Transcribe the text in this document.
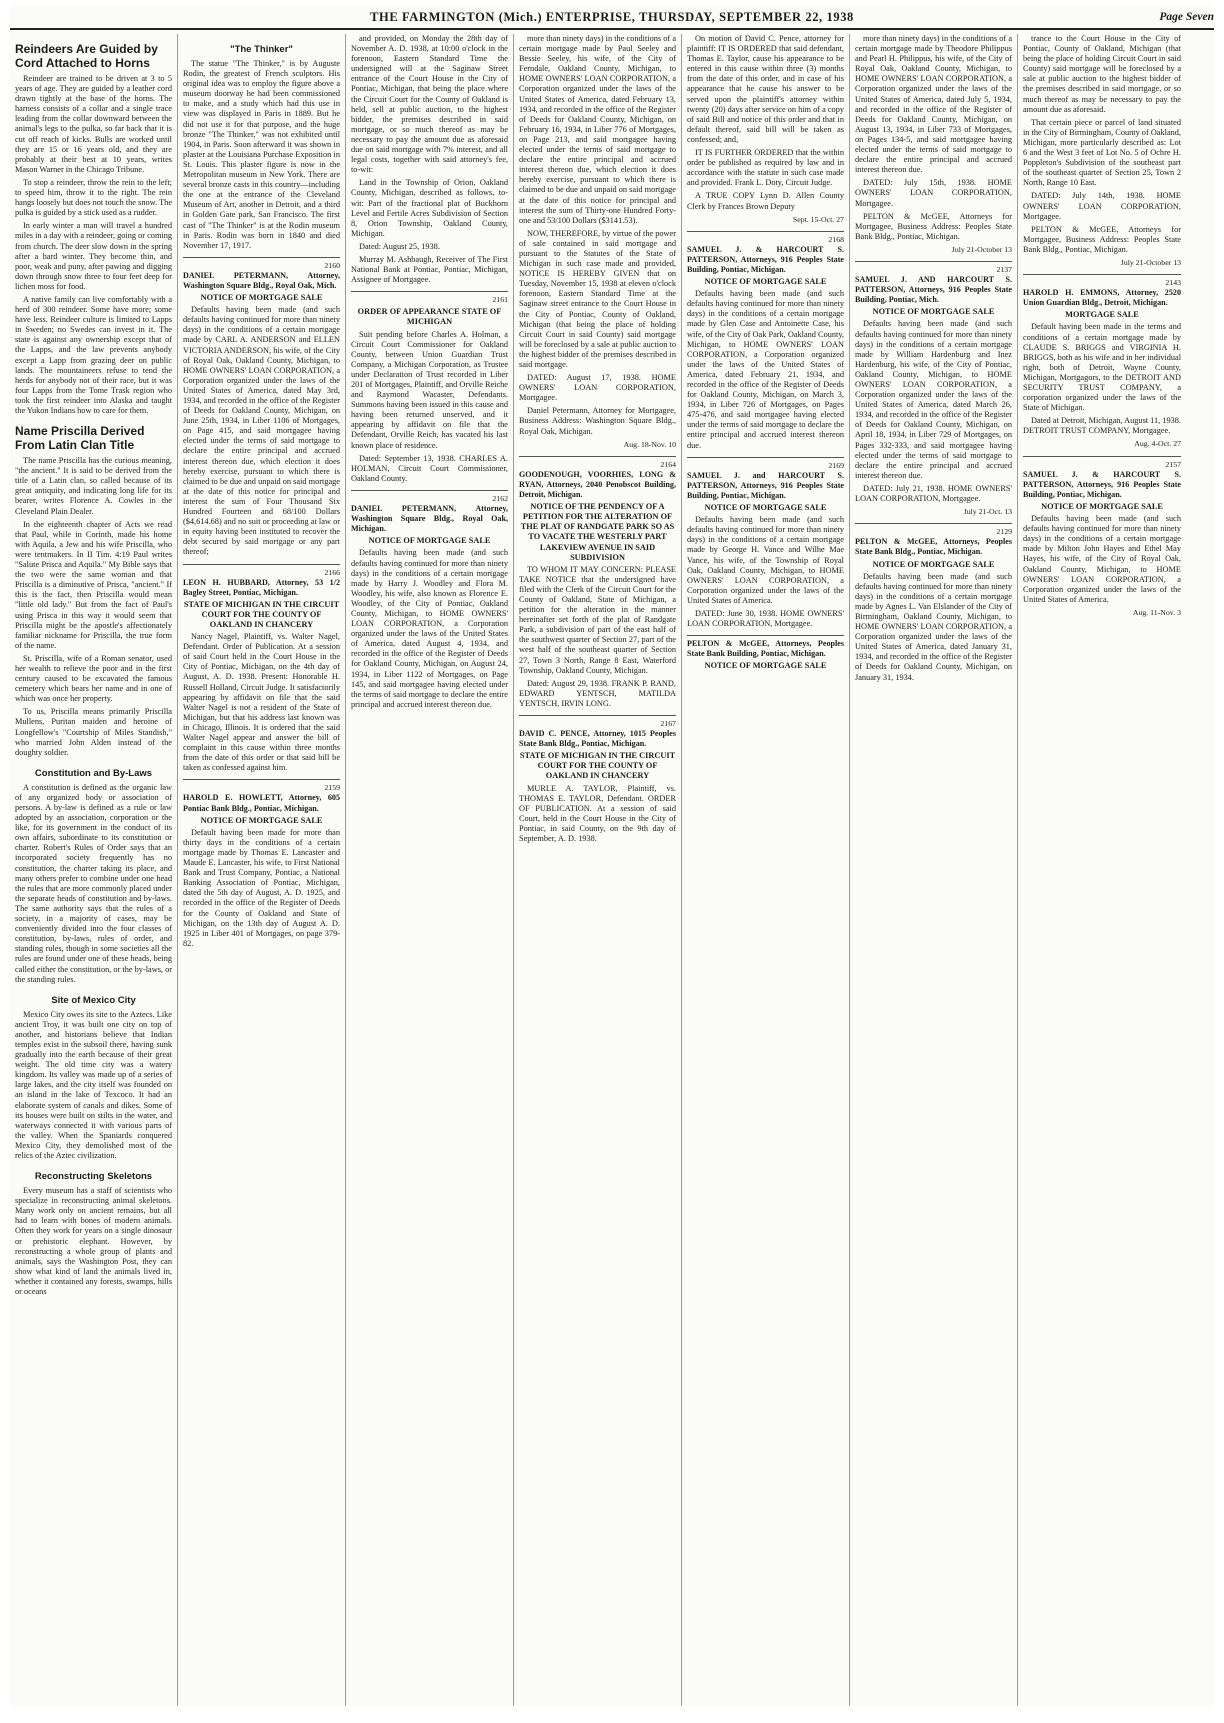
THE FARMINGTON (Mich.) ENTERPRISE, THURSDAY, SEPTEMBER 22, 1938	Page Seven
Reindeers Are Guided by Cord Attached to Horns

Reindeer are trained to be driven at 3 to 5 years of age. They are guided by a leather cord drawn tightly at the base of the horns. The harness consists of a collar and a single trace leading from the collar downward between the animal's legs to the pulka, so far back that it is cut off reach of kicks. Bulls are worked until they are 15 or 16 years old, and they are probably at their best at 10 years, writes Mason Warner in the Chicago Tribune.

To stop a reindeer, throw the rein to the left; to speed him, throw it to the right. The rein hangs loosely but does not touch the snow. The pulka is guided by a stick used as a rudder.

In early winter a man will travel a hundred miles in a day with a reindeer, going or coming from church. The deer slow down in the spring after a hard winter. They become thin, and poor, weak and puny, after pawing and digging down through snow three to four feet deep for lichen moss for food.

A native family can live comfortably with a herd of 300 reindeer. Some have more; some have less. Reindeer culture is limited to Lapps in Sweden; no Swedes can invest in it. The state is against any ownership except that of the Lapps, and the law prevents anybody except a Lapp from grazing deer on public lands. The mountaineers refuse to tend the herds for anybody not of their race, but it was four Lapps from the Tome Trask region who took the first reindeer into Alaska and taught the Yukon Indians how to care for them.

Name Priscilla Derived From Latin Clan Title

The name Priscilla has the curious meaning, "the ancient." It is said to be derived from the title of a Latin clan, so called because of its great antiquity, and indicating long life for its bearer, writes Florence A. Cowles in the Cleveland Plain Dealer.

In the eighteenth chapter of Acts we read that Paul, while in Corinth, made his home with Aquila, a Jew and his wife Priscilla, who were tentmakers. In II Tim. 4:19 Paul writes "Salute Prisca and Aquila." My Bible says that the two were the same woman and that Priscilla is a diminutive of Prisca, "ancient." If this is the fact, then Priscilla would mean "little old lady." But from the fact of Paul's using Prisca in this way it would seem that Priscilla might be the apostle's affectionately familiar nickname for Priscilla, the true form of the name.

St. Priscilla, wife of a Roman senator, used her wealth to relieve the poor and in the first century caused to be excavated the famous cemetery which bears her name and in one of which was once her property.

To us, Priscilla means primarily Priscilla Mullens, Puritan maiden and heroine of Longfellow's "Courtship of Miles Standish," who married John Alden instead of the doughty soldier.

Constitution and By-Laws

A constitution is defined as the organic law of any organized body or association of persons. A by-law is defined as a rule or law adopted by an association, corporation or the like, for its government in the conduct of its own affairs, subordinate to its constitution or charter. Robert's Rules of Order says that an incorporated society frequently has no constitution, the charter taking its place, and many others prefer to combine under one head the rules that are more commonly placed under the separate heads of constitution and by-laws. The same authority says that the rules of a society, in a majority of cases, may be conveniently divided into the four classes of constitution, by-laws, rules of order, and standing rules, though in some societies all the rules are found under one of these heads, being called either the constitution, or the by-laws, or the standing rules.

Site of Mexico City

Mexico City owes its site to the Aztecs. Like ancient Troy, it was built one city on top of another, and historians believe that Indian temples exist in the subsoil there, having sunk gradually into the earth because of their great weight. The old time city was a watery kingdom. Its valley was made up of a series of large lakes, and the city itself was founded on an island in the lake of Texcoco. It had an elaborate system of canals and dikes. Some of its houses were built on stilts in the water, and waterways connected it with various parts of the valley. When the Spaniards conquered Mexico City, they demolished most of the relics of the Aztec civilization.

Reconstructing Skeletons

Every museum has a staff of scientists who specialize in reconstructing animal skeletons. Many work only on ancient remains, but all had to learn with bones of modern animals. Often they work for years on a single dinosaur or prehistoric elephant. However, by reconstructing a whole group of plants and animals, says the Washington Post, they can show what kind of land the animals lived in, whether it contained any forests, swamps, hills or oceans

"The Thinker"

The statue "The Thinker," is by Auguste Rodin, the greatest of French sculptors. His original idea was to employ the figure above a museum doorway he had been commissioned to make, and a study which had this use in view was displayed in Paris in 1889. But he did not use it for that purpose, and the huge bronze "The Thinker," was not exhibited until 1904, in Paris. Soon afterward it was shown in plaster at the Louisiana Purchase Exposition in St. Louis. This plaster figure is now in the Metropolitan museum in New York. There are several bronze casts in this country—including the one at the entrance of the Cleveland Museum of Art, another in Detroit, and a third in Golden Gate park, San Francisco. The first cast of "The Thinker" is at the Rodin museum in Paris. Rodin was born in 1840 and died November 17, 1917.

2160

DANIEL PETERMANN, Attorney, Washington Square Bldg., Royal Oak, Mich.

NOTICE OF MORTGAGE SALE

Defaults having been made (and such defaults having continued for more than ninety days) in the conditions of a certain mortgage made by CARL A. ANDERSON and ELLEN VICTORIA ANDERSON, his wife, of the City of Royal Oak, Oakland County, Michigan, to HOME OWNERS' LOAN CORPORATION, a Corporation organized under the laws of the United States of America, dated May 3rd, 1934, and recorded in the office of the Register of Deeds for Oakland County, Michigan, on June 25th, 1934, in Liber 1106 of Mortgages, on Page 415, and said mortgagee having elected under the terms of said mortgage to declare the entire principal and accrued interest thereon due, which election it does hereby exercise, pursuant to which there is claimed to be due and unpaid on said mortgage at the date of this notice for principal and interest the sum of Four Thousand Six Hundred Fourteen and 68/100 Dollars ($4,614.68) and no suit or proceeding at law or in equity having been instituted to recover the debt secured by said mortgage or any part thereof;

2166

LEON H. HUBBARD, Attorney, 53 1/2 Bagley Street, Pontiac, Michigan.

STATE OF MICHIGAN IN THE CIRCUIT COURT FOR THE COUNTY OF OAKLAND IN CHANCERY

Nancy Nagel, Plaintiff, vs. Walter Nagel, Defendant. Order of Publication. At a session of said Court held in the Court House in the City of Pontiac, Michigan, on the 4th day of August, A. D. 1938. Present: Honorable H. Russell Holland, Circuit Judge. It satisfactorily appearing by affidavit on file that the said Walter Nagel is not a resident of the State of Michigan, but that his address last known was in Chicago, Illinois. It is ordered that the said Walter Nagel appear and answer the bill of complaint in this cause within three months from the date of this order or that said bill be taken as confessed against him.

2159

HAROLD E. HOWLETT, Attorney, 605 Pontiac Bank Bldg., Pontiac, Michigan.

NOTICE OF MORTGAGE SALE

Default having been made for more than thirty days in the conditions of a certain mortgage made by Thomas E. Lancaster and Maude E. Lancaster, his wife, to First National Bank and Trust Company, Pontiac, a National Banking Association of Pontiac, Michigan, dated the 5th day of August, A. D. 1925, and recorded in the office of the Register of Deeds for the County of Oakland and State of Michigan, on the 13th day of August A. D. 1925 in Liber 401 of Mortgages, on page 379-82.

and provided, on Monday the 28th day of November A. D. 1938, at 10:00 o'clock in the forenoon, Eastern Standard Time the undersigned will at the Saginaw Street entrance of the Court House in the City of Pontiac, Michigan, that being the place where the Circuit Court for the County of Oakland is held, sell at public auction, to the highest bidder, the premises described in said mortgage, or so much thereof as may be necessary to pay the amount due as aforesaid due on said mortgage with 7% interest, and all legal costs, together with said attorney's fee, to-wit:

Land in the Township of Orion, Oakland County, Michigan, described as follows, to-wit: Part of the fractional plat of Buckhorn Level and Fertile Acres Subdivision of Section 8, Orion Township, Oakland County, Michigan.

Dated: August 25, 1938.

Murray M. Ashbaugh, Receiver of The First National Bank at Pontiac, Pontiac, Michigan, Assignee of Mortgagee.

2161

ORDER OF APPEARANCE STATE OF MICHIGAN

Suit pending before Charles A. Holman, a Circuit Court Commissioner for Oakland County, between Union Guardian Trust Company, a Michigan Corporation, as Trustee under Declaration of Trust recorded in Liber 201 of Mortgages, Plaintiff, and Orville Reiche and Raymond Wacaster, Defendants. Summons having been issued in this cause and having been returned unserved, and it appearing by affidavit on file that the Defendant, Orville Reich, has vacated his last known place of residence.

Dated: September 13, 1938. CHARLES A. HOLMAN, Circuit Court Commissioner, Oakland County.

2162

DANIEL PETERMANN, Attorney, Washington Square Bldg., Royal Oak, Michigan.

NOTICE OF MORTGAGE SALE

Defaults having been made (and such defaults having continued for more than ninety days) in the conditions of a certain mortgage made by Harry J. Woodley and Flora M. Woodley, his wife, also known as Florence E. Woodley, of the City of Pontiac, Oakland County, Michigan, to HOME OWNERS' LOAN CORPORATION, a Corporation organized under the laws of the United States of America, dated August 4, 1934, and recorded in the office of the Register of Deeds for Oakland County, Michigan, on August 24, 1934, in Liber 1122 of Mortgages, on Page 145, and said mortgagee having elected under the terms of said mortgage to declare the entire principal and accrued interest thereon due.

more than ninety days) in the conditions of a certain mortgage made by Paul Seeley and Bessie Seeley, his wife, of the City of Ferndale, Oakland County, Michigan, to HOME OWNERS' LOAN CORPORATION, a Corporation organized under the laws of the United States of America, dated February 13, 1934, and recorded in the office of the Register of Deeds for Oakland County, Michigan, on February 16, 1934, in Liber 776 of Mortgages, on Page 213, and said mortgagee having elected under the terms of said mortgage to declare the entire principal and accrued interest thereon due, which election it does hereby exercise, pursuant to which there is claimed to be due and unpaid on said mortgage at the date of this notice for principal and interest the sum of Thirty-one Hundred Forty-one and 53/100 Dollars ($3141.53).

NOW, THEREFORE, by virtue of the power of sale contained in said mortgage and pursuant to the Statutes of the State of Michigan in such case made and provided, NOTICE IS HEREBY GIVEN that on Tuesday, November 15, 1938 at eleven o'clock forenoon, Eastern Standard Time at the Saginaw street entrance to the Court House in the City of Pontiac, County of Oakland, Michigan (that being the place of holding Circuit Court in said County) said mortgage will be foreclosed by a sale at public auction to the highest bidder of the premises described in said mortgage.

DATED: August 17, 1938. HOME OWNERS' LOAN CORPORATION, Mortgagee.

Daniel Petermann, Attorney for Mortgagee, Business Address: Washington Square Bldg., Royal Oak, Michigan.

Aug. 18-Nov. 10

2164

GOODENOUGH, VOORHIES, LONG & RYAN, Attorneys, 2040 Penobscot Building, Detroit, Michigan.

NOTICE OF THE PENDENCY OF A PETITION FOR THE ALTERATION OF THE PLAT OF RANDGATE PARK SO AS TO VACATE THE WESTERLY PART LAKEVIEW AVENUE IN SAID SUBDIVISION

TO WHOM IT MAY CONCERN: PLEASE TAKE NOTICE that the undersigned have filed with the Clerk of the Circuit Court for the County of Oakland, State of Michigan, a petition for the alteration in the manner hereinafter set forth of the plat of Randgate Park, a subdivision of part of the east half of the southwest quarter of Section 27, part of the west half of the southeast quarter of Section 27, Town 3 North, Range 8 East, Waterford Township, Oakland County, Michigan.

Dated: August 29, 1938. FRANK P. RAND, EDWARD YENTSCH, MATILDA YENTSCH, IRVIN LONG.

2167

DAVID C. PENCE, Attorney, 1015 Peoples State Bank Bldg., Pontiac, Michigan.

STATE OF MICHIGAN IN THE CIRCUIT COURT FOR THE COUNTY OF OAKLAND IN CHANCERY

MURLE A. TAYLOR, Plaintiff, vs. THOMAS E. TAYLOR, Defendant. ORDER OF PUBLICATION. At a session of said Court, held in the Court House in the City of Pontiac, in said County, on the 9th day of September, A. D. 1938.

On motion of David C. Pence, attorney for plaintiff: IT IS ORDERED that said defendant, Thomas E. Taylor, cause his appearance to be entered in this cause within three (3) months from the date of this order, and in case of his appearance that he cause his answer to be served upon the plaintiff's attorney within twenty (20) days after service on him of a copy of said Bill and notice of this order and that in default thereof, said bill will be taken as confessed; and,

IT IS FURTHER ORDERED that the within order be published as required by law and in accordance with the statute in such case made and provided. Frank L. Doty, Circuit Judge.

A TRUE COPY Lynn D. Allen County Clerk by Frances Brown Deputy

Sept. 15-Oct. 27

2168

SAMUEL J. & HARCOURT S. PATTERSON, Attorneys, 916 Peoples State Building, Pontiac, Michigan.

NOTICE OF MORTGAGE SALE

Defaults having been made (and such defaults having continued for more than ninety days) in the conditions of a certain mortgage made by Glen Case and Antoinette Case, his wife, of the City of Oak Park, Oakland County, Michigan, to HOME OWNERS' LOAN CORPORATION, a Corporation organized under the laws of the United States of America, dated February 21, 1934, and recorded in the office of the Register of Deeds for Oakland County, Michigan, on March 3, 1934, in Liber 726 of Mortgages, on Pages 475-476, and said mortgagee having elected under the terms of said mortgage to declare the entire principal and accrued interest thereon due.

2169

SAMUEL J. and HARCOURT S. PATTERSON, Attorneys, 916 Peoples State Building, Pontiac, Michigan.

NOTICE OF MORTGAGE SALE

Defaults having been made (and such defaults having continued for more than ninety days) in the conditions of a certain mortgage made by George H. Vance and Wilhe Mae Vance, his wife, of the Township of Royal Oak, Oakland County, Michigan, to HOME OWNERS' LOAN CORPORATION, a Corporation organized under the laws of the United States of America.

DATED: June 30, 1938. HOME OWNERS' LOAN CORPORATION, Mortgagee.

PELTON & McGEE, Attorneys, Peoples State Bank Building, Pontiac, Michigan.

NOTICE OF MORTGAGE SALE

more than ninety days) in the conditions of a certain mortgage made by Theodore Philippus and Pearl H. Philippus, his wife, of the City of Royal Oak, Oakland County, Michigan, to HOME OWNERS' LOAN CORPORATION, a Corporation organized under the laws of the United States of America, dated July 5, 1934, and recorded in the office of the Register of Deeds for Oakland County, Michigan, on August 13, 1934, in Liber 733 of Mortgages, on Pages 134-5, and said mortgagee having elected under the terms of said mortgage to declare the entire principal and accrued interest thereon due.

DATED: July 15th, 1938. HOME OWNERS' LOAN CORPORATION, Mortgagee.

PELTON & McGEE, Attorneys for Mortgagee, Business Address: Peoples State Bank Bldg., Pontiac, Michigan.

July 21-October 13

2137

SAMUEL J. AND HARCOURT S. PATTERSON, Attorneys, 916 Peoples State Building, Pontiac, Mich.

NOTICE OF MORTGAGE SALE

Defaults having been made (and such defaults having continued for more than ninety days) in the conditions of a certain mortgage made by William Hardenburg and Inez Hardenburg, his wife, of the City of Pontiac, Oakland County, Michigan, to HOME OWNERS' LOAN CORPORATION, a Corporation organized under the laws of the United States of America, dated March 26, 1934, and recorded in the office of the Register of Deeds for Oakland County, Michigan, on April 18, 1934, in Liber 729 of Mortgages, on Pages 332-333, and said mortgagee having elected under the terms of said mortgage to declare the entire principal and accrued interest thereon due.

DATED: July 21, 1938. HOME OWNERS' LOAN CORPORATION, Mortgagee.

July 21-Oct. 13

2129

PELTON & McGEE, Attorneys, Peoples State Bank Bldg., Pontiac, Michigan.

NOTICE OF MORTGAGE SALE

Defaults having been made (and such defaults having continued for more than ninety days) in the conditions of a certain mortgage made by Agnes L. Van Elslander of the City of Birmingham, Oakland County, Michigan, to HOME OWNERS' LOAN CORPORATION, a Corporation organized under the laws of the United States of America, dated January 31, 1934, and recorded in the office of the Register of Deeds for Oakland County, Michigan, on January 31, 1934.

trance to the Court House in the City of Pontiac, County of Oakland, Michigan (that being the place of holding Circuit Court in said County) said mortgage will be foreclosed by a sale at public auction to the highest bidder of the premises described in said mortgage, or so much thereof as may be necessary to pay the amount due as aforesaid.

That certain piece or parcel of land situated in the City of Birmingham, County of Oakland, Michigan, more particularly described as: Lot 6 and the West 3 feet of Lot No. 5 of Ochre H. Poppleton's Subdivision of the southeast part of the southeast quarter of Section 25, Town 2 North, Range 10 East.

DATED: July 14th, 1938. HOME OWNERS' LOAN CORPORATION, Mortgagee.

PELTON & McGEE, Attorneys for Mortgagee, Business Address: Peoples State Bank Bldg., Pontiac, Michigan.

July 21-October 13

2143

HAROLD H. EMMONS, Attorney, 2520 Union Guardian Bldg., Detroit, Michigan.

MORTGAGE SALE

Default having been made in the terms and conditions of a certain mortgage made by CLAUDE S. BRIGGS and VIRGINIA H. BRIGGS, both as his wife and in her individual right, both of Detroit, Wayne County, Michigan, Mortgagors, to the DETROIT AND SECURITY TRUST COMPANY, a corporation organized under the laws of the State of Michigan.

Dated at Detroit, Michigan, August 11, 1938. DETROIT TRUST COMPANY, Mortgagee.

Aug. 4-Oct. 27

2157

SAMUEL J. & HARCOURT S. PATTERSON, Attorneys, 916 Peoples State Building, Pontiac, Michigan.

NOTICE OF MORTGAGE SALE

Defaults having been made (and such defaults having continued for more than ninety days) in the conditions of a certain mortgage made by Milton John Hayes and Ethel May Hayes, his wife, of the City of Royal Oak, Oakland County, Michigan, to HOME OWNERS' LOAN CORPORATION, a Corporation organized under the laws of the United States of America.

Aug. 11-Nov. 3
